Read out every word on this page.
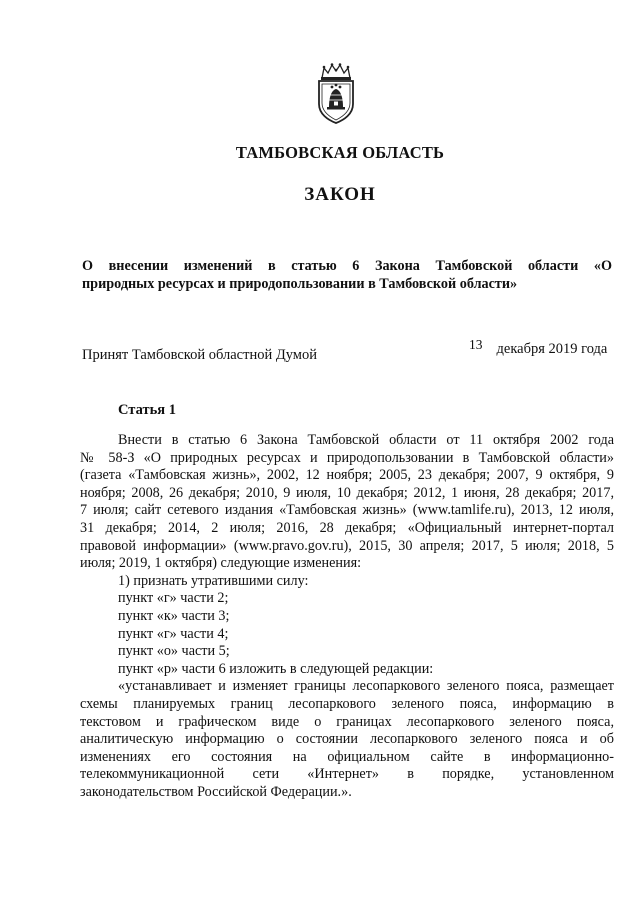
ТАМБОВСКАЯ ОБЛАСТЬ
ЗАКОН
О внесении изменений в статью 6 Закона Тамбовской области «О
природных ресурсах и природопользовании в Тамбовской области»
Принят Тамбовской областной Думой
13 декабря 2019 года
Статья 1
Внести в статью 6 Закона Тамбовской области от 11 октября 2002 года
№ 58-З «О природных ресурсах и природопользовании в Тамбовской области»
(газета «Тамбовская жизнь», 2002, 12 ноября; 2005, 23 декабря; 2007, 9 октября, 9
ноября; 2008, 26 декабря; 2010, 9 июля, 10 декабря; 2012, 1 июня, 28 декабря; 2017,
7 июля; сайт сетевого издания «Тамбовская жизнь» (www.tamlife.ru), 2013, 12 июля,
31 декабря; 2014, 2 июля; 2016, 28 декабря; «Официальный интернет-портал
правовой информации» (www.pravo.gov.ru), 2015, 30 апреля; 2017, 5 июля; 2018, 5
июля; 2019, 1 октября) следующие изменения:
1) признать утратившими силу:
пункт «г» части 2;
пункт «к» части 3;
пункт «г» части 4;
пункт «о» части 5;
пункт «р» части 6 изложить в следующей редакции:
«устанавливает и изменяет границы лесопаркового зеленого пояса, размещает
схемы планируемых границ лесопаркового зеленого пояса, информацию в
текстовом и графическом виде о границах лесопаркового зеленого пояса,
аналитическую информацию о состоянии лесопаркового зеленого пояса и об
изменениях его состояния на официальном сайте в информационно-
телекоммуникационной сети «Интернет» в порядке, установленном
законодательством Российской Федерации.».
